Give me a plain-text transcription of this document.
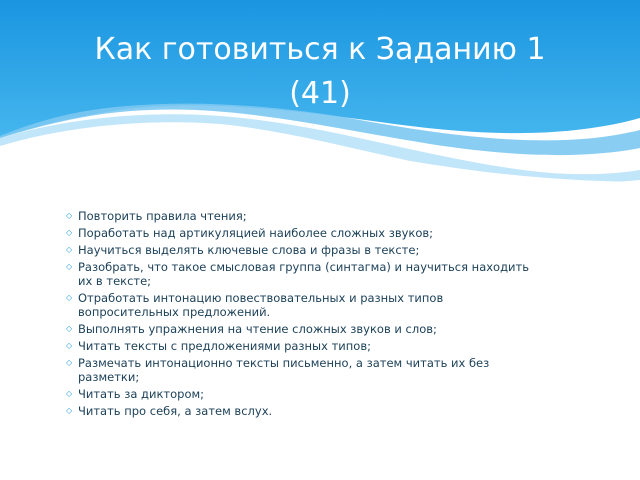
Как готовиться к Заданию 1
(41)
◇ Повторить правила чтения;
◇ Поработать над артикуляцией наиболее сложных звуков;
◇ Научиться выделять ключевые слова и фразы в тексте;
◇ Разобрать, что такое смысловая группа (синтагма) и научиться находить
их в тексте;
◇ Отработать интонацию повествовательных и разных типов
вопросительных предложений.
◇ Выполнять упражнения на чтение сложных звуков и слов;
◇ Читать тексты с предложениями разных типов;
◇ Размечать интонационно тексты письменно, а затем читать их без
разметки;
◇ Читать за диктором;
◇ Читать про себя, а затем вслух.
